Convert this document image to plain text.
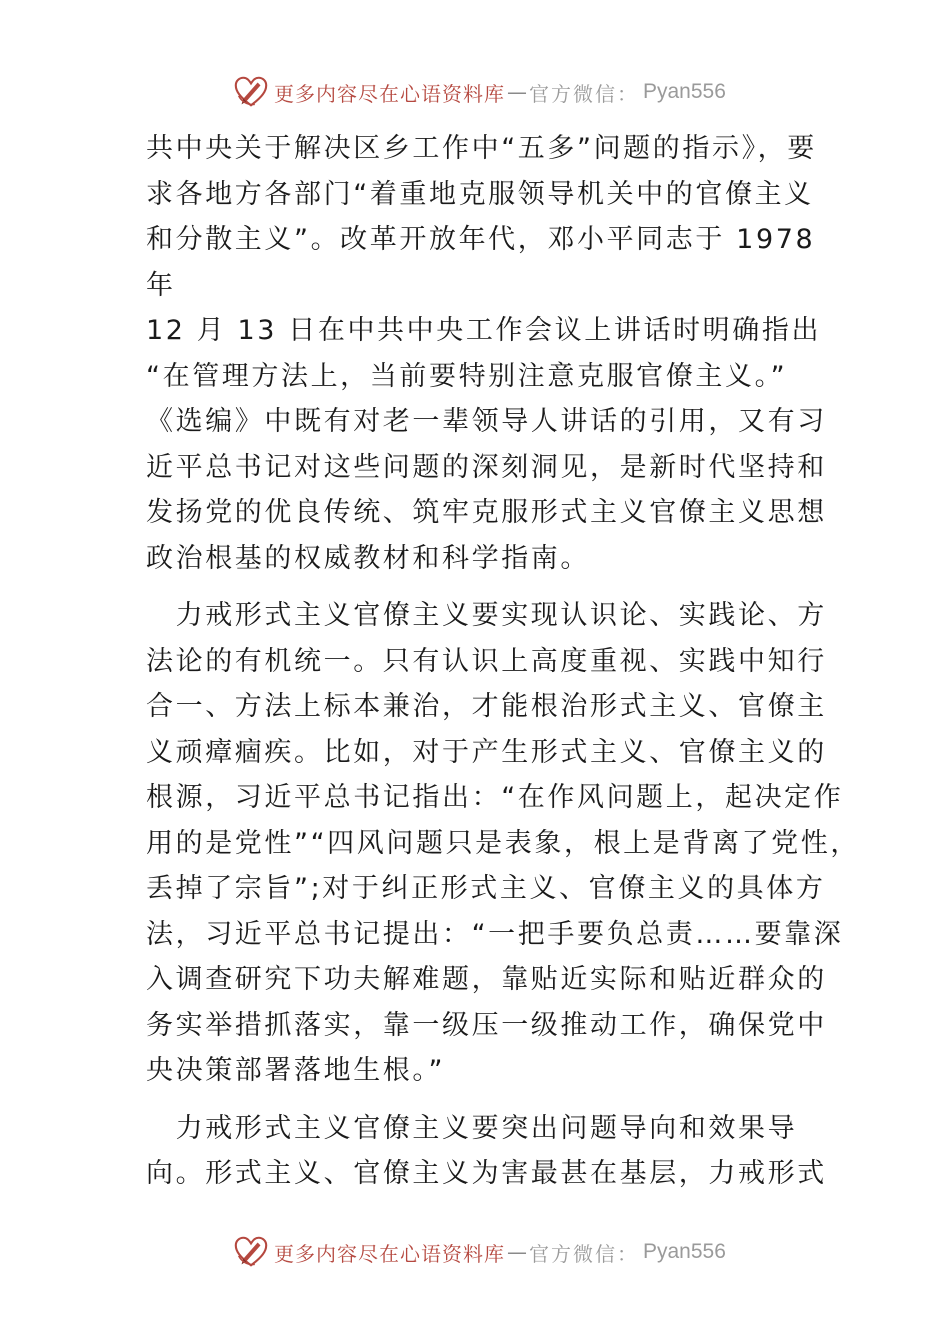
更多内容尽在心语资料库 — 官方微信： Pyan556
共中央关于解决区乡工作中“五多”问题的指示》，要
求各地方各部门“着重地克服领导机关中的官僚主义
和分散主义”。改革开放年代，邓小平同志于 1978
年
12 月 13 日在中共中央工作会议上讲话时明确指出
“在管理方法上，当前要特别注意克服官僚主义。”
《选编》中既有对老一辈领导人讲话的引用，又有习
近平总书记对这些问题的深刻洞见，是新时代坚持和
发扬党的优良传统、筑牢克服形式主义官僚主义思想
政治根基的权威教材和科学指南。
　力戒形式主义官僚主义要实现认识论、实践论、方
法论的有机统一。只有认识上高度重视、实践中知行
合一、方法上标本兼治，才能根治形式主义、官僚主
义顽瘴痼疾。比如，对于产生形式主义、官僚主义的
根源，习近平总书记指出：“在作风问题上，起决定作
用的是党性”“四风问题只是表象，根上是背离了党性，
丢掉了宗旨”;对于纠正形式主义、官僚主义的具体方
法，习近平总书记提出：“一把手要负总责……要靠深
入调查研究下功夫解难题，靠贴近实际和贴近群众的
务实举措抓落实，靠一级压一级推动工作，确保党中
央决策部署落地生根。”
　力戒形式主义官僚主义要突出问题导向和效果导
向。形式主义、官僚主义为害最甚在基层，力戒形式
更多内容尽在心语资料库 — 官方微信： Pyan556
